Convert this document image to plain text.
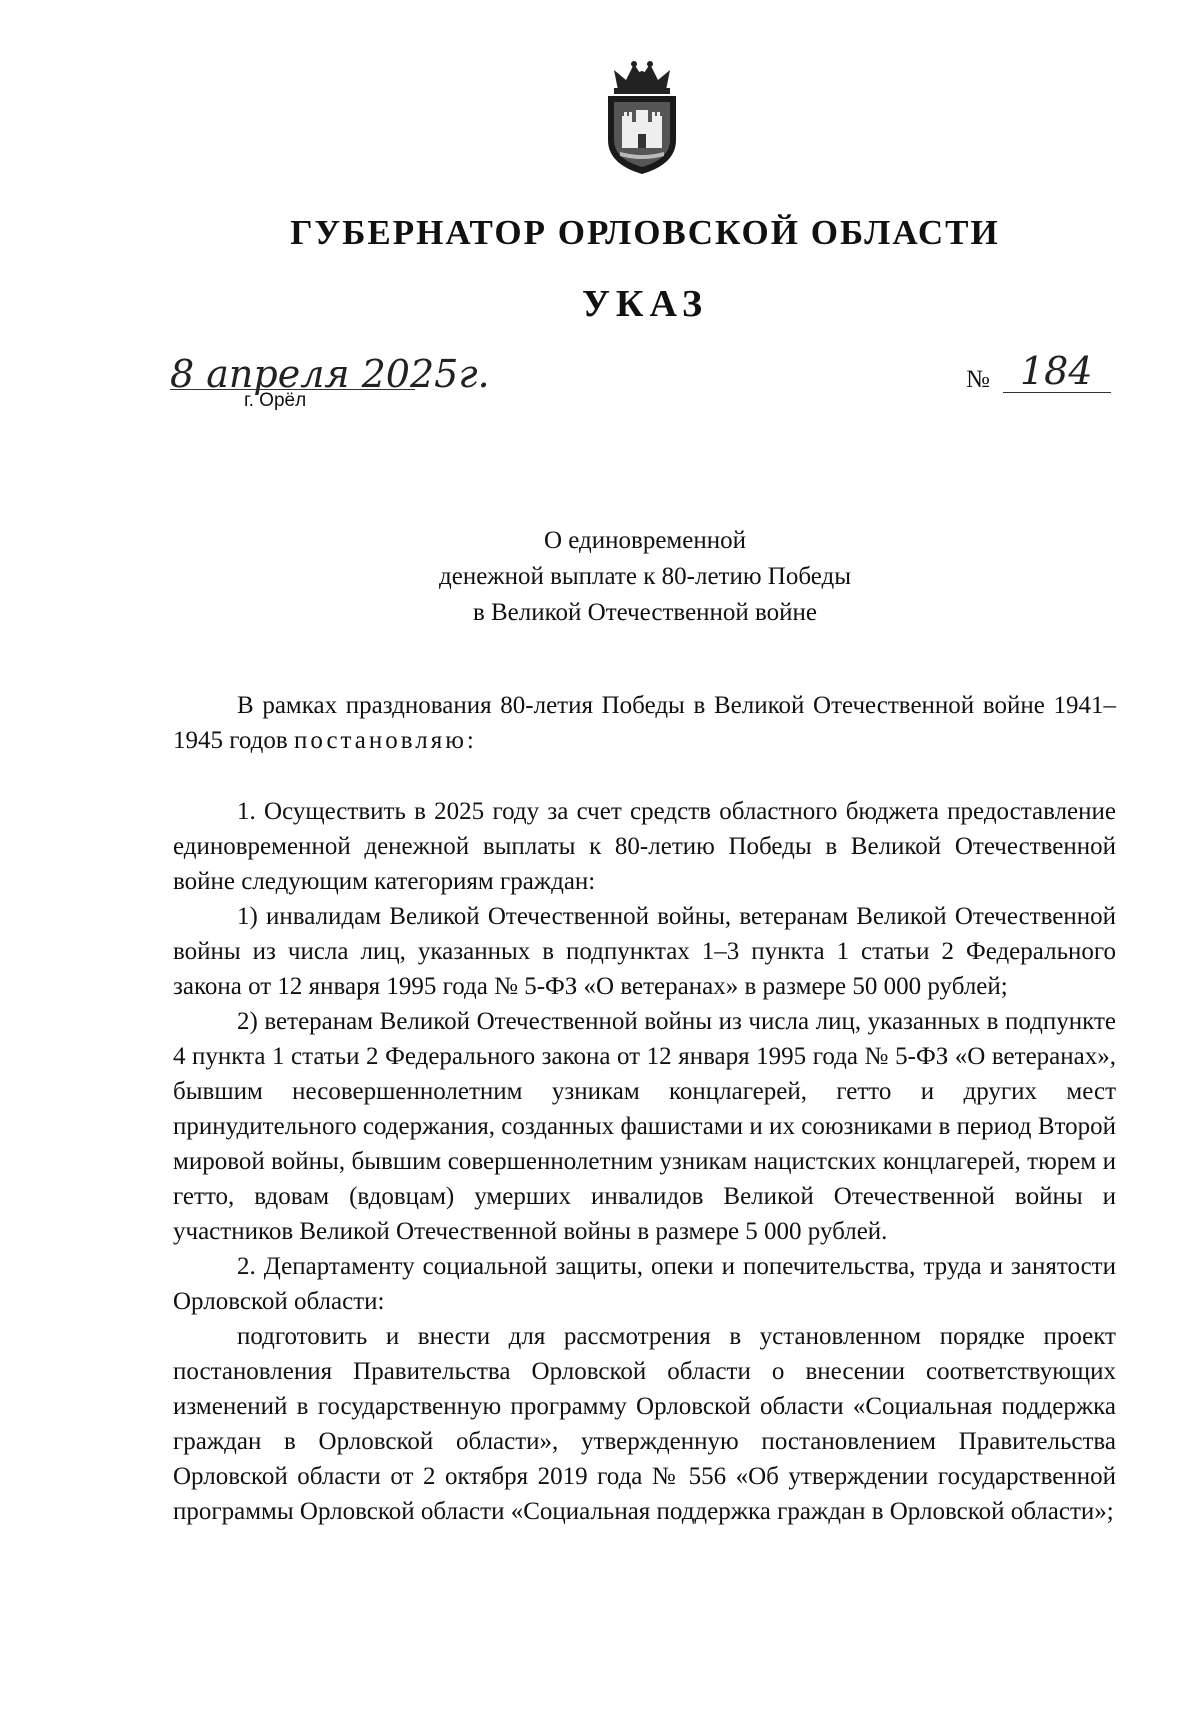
ГУБЕРНАТОР ОРЛОВСКОЙ ОБЛАСТИ
УКАЗ
8 апреля 2025г.
г. Орёл
№ 184
О единовременной
денежной выплате к 80-летию Победы
в Великой Отечественной войне

В рамках празднования 80-летия Победы в Великой Отечественной войне 1941–1945 годов постановляю:

1. Осуществить в 2025 году за счет средств областного бюджета предоставление единовременной денежной выплаты к 80-летию Победы в Великой Отечественной войне следующим категориям граждан:

1) инвалидам Великой Отечественной войны, ветеранам Великой Отечественной войны из числа лиц, указанных в подпунктах 1–3 пункта 1 статьи 2 Федерального закона от 12 января 1995 года № 5-ФЗ «О ветеранах» в размере 50 000 рублей;

2) ветеранам Великой Отечественной войны из числа лиц, указанных в подпункте 4 пункта 1 статьи 2 Федерального закона от 12 января 1995 года № 5-ФЗ «О ветеранах», бывшим несовершеннолетним узникам концлагерей, гетто и других мест принудительного содержания, созданных фашистами и их союзниками в период Второй мировой войны, бывшим совершеннолетним узникам нацистских концлагерей, тюрем и гетто, вдовам (вдовцам) умерших инвалидов Великой Отечественной войны и участников Великой Отечественной войны в размере 5 000 рублей.

2. Департаменту социальной защиты, опеки и попечительства, труда и занятости Орловской области:

подготовить и внести для рассмотрения в установленном порядке проект постановления Правительства Орловской области о внесении соответствующих изменений в государственную программу Орловской области «Социальная поддержка граждан в Орловской области», утвержденную постановлением Правительства Орловской области от 2 октября 2019 года № 556 «Об утверждении государственной программы Орловской области «Социальная поддержка граждан в Орловской области»;
